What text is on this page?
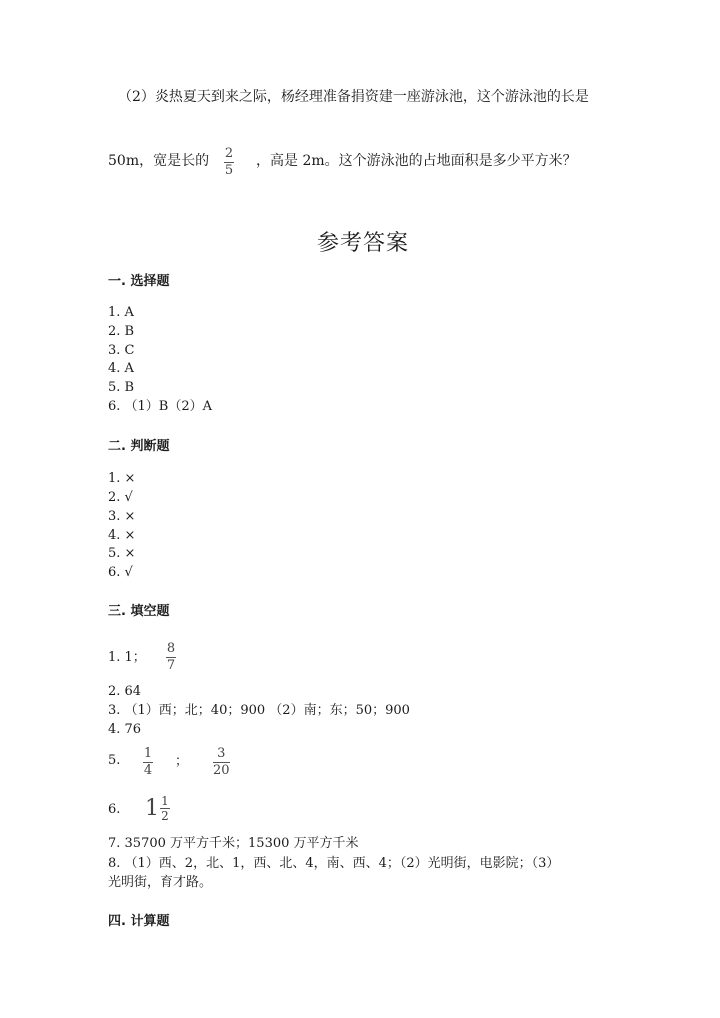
（2）炎热夏天到来之际，杨经理准备捐资建一座游泳池，这个游泳池的长是
50m，宽是长的 2
5
，高是 2m。这个游泳池的占地面积是多少平方米？
参考答案
一. 选择题
1. A
2. B
3. C
4. A
5. B
6. （1）B（2）A
二. 判断题
1. ×
2. √
3. ×
4. ×
5. ×
6. √
三. 填空题
1. 1；
8
7
2. 64
3. （1）西；北；40；900 （2）南；东；50；900
4. 76
5. 1
4
；
3
20
6. $1 \frac{1}{2}$
7. 35700 万平方千米；15300 万平方千米
8. （1）西、2，北、1，西、北、4，南、西、4；（2）光明街，电影院；（3）
光明街，育才路。
四. 计算题
